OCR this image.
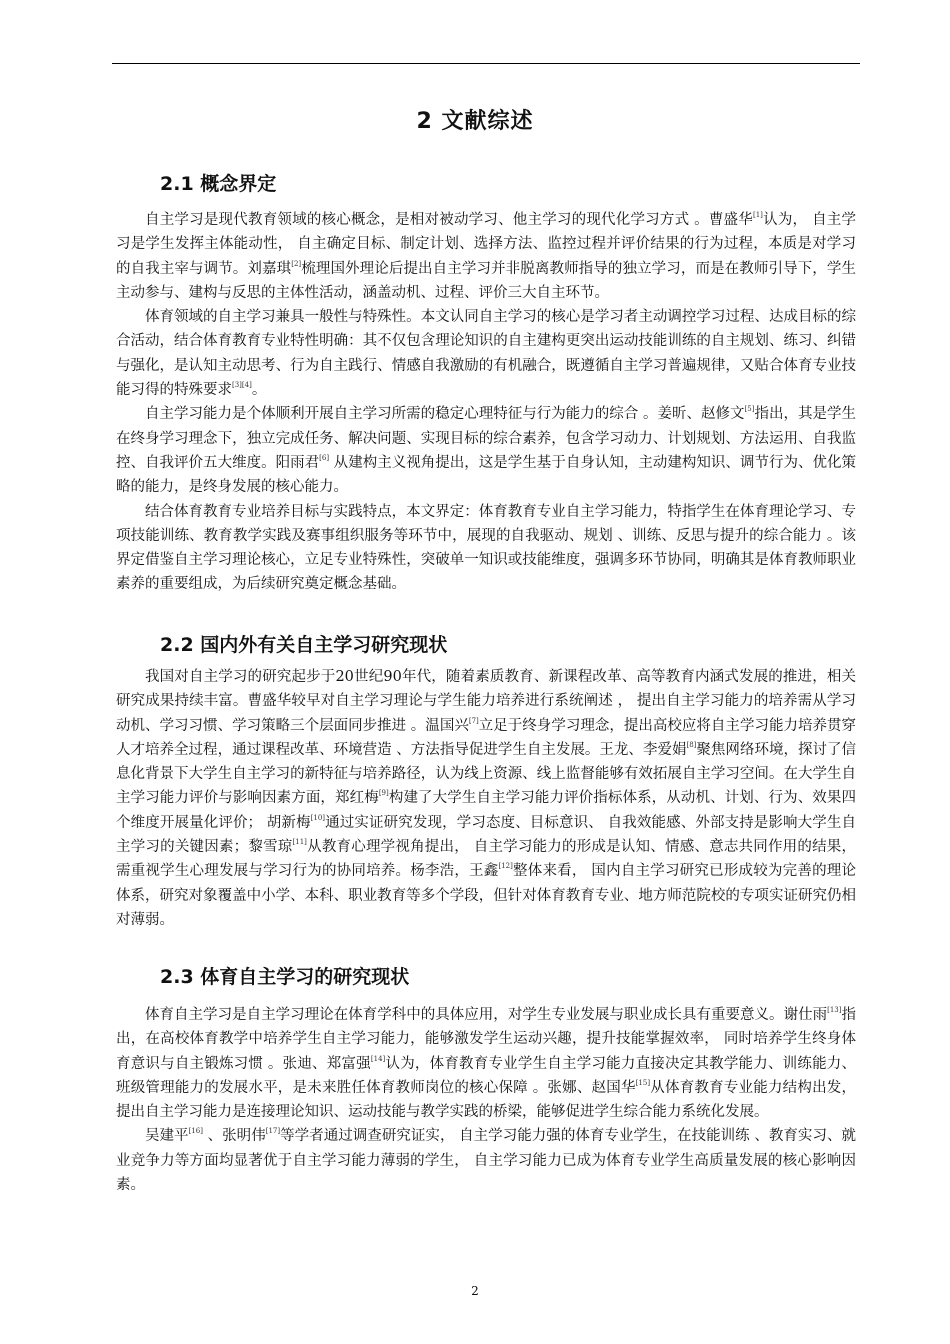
2 文献综述
2.1 概念界定

自主学习是现代教育领域的核心概念，是相对被动学习、他主学习的现代化学习方式 。曹盛华[1]认为， 自主学习是学生发挥主体能动性， 自主确定目标、制定计划、选择方法、监控过程并评价结果的行为过程，本质是对学习的自我主宰与调节。刘嘉琪[2]梳理国外理论后提出自主学习并非脱离教师指导的独立学习，而是在教师引导下，学生主动参与、建构与反思的主体性活动，涵盖动机、过程、评价三大自主环节。

体育领域的自主学习兼具一般性与特殊性。本文认同自主学习的核心是学习者主动调控学习过程、达成目标的综合活动，结合体育教育专业特性明确：其不仅包含理论知识的自主建构更突出运动技能训练的自主规划、练习、纠错与强化，是认知主动思考、行为自主践行、情感自我激励的有机融合，既遵循自主学习普遍规律，又贴合体育专业技能习得的特殊要求[3][4]。

自主学习能力是个体顺利开展自主学习所需的稳定心理特征与行为能力的综合 。姜昕、赵修文[5]指出，其是学生在终身学习理念下，独立完成任务、解决问题、实现目标的综合素养，包含学习动力、计划规划、方法运用、自我监控、自我评价五大维度。阳雨君[6] 从建构主义视角提出，这是学生基于自身认知，主动建构知识、调节行为、优化策略的能力，是终身发展的核心能力。

结合体育教育专业培养目标与实践特点，本文界定：体育教育专业自主学习能力，特指学生在体育理论学习、专项技能训练、教育教学实践及赛事组织服务等环节中，展现的自我驱动、规划 、训练、反思与提升的综合能力 。该界定借鉴自主学习理论核心，立足专业特殊性，突破单一知识或技能维度，强调多环节协同，明确其是体育教师职业素养的重要组成，为后续研究奠定概念基础。

2.2 国内外有关自主学习研究现状

我国对自主学习的研究起步于20世纪90年代，随着素质教育、新课程改革、高等教育内涵式发展的推进，相关研究成果持续丰富。曹盛华较早对自主学习理论与学生能力培养进行系统阐述 ， 提出自主学习能力的培养需从学习动机、学习习惯、学习策略三个层面同步推进 。温国兴[7]立足于终身学习理念，提出高校应将自主学习能力培养贯穿人才培养全过程，通过课程改革、环境营造 、方法指导促进学生自主发展。王龙、李爱娟[8]聚焦网络环境，探讨了信息化背景下大学生自主学习的新特征与培养路径，认为线上资源、线上监督能够有效拓展自主学习空间。在大学生自主学习能力评价与影响因素方面，郑红梅[9]构建了大学生自主学习能力评价指标体系，从动机、计划、行为、效果四个维度开展量化评价； 胡新梅[10]通过实证研究发现，学习态度、目标意识、 自我效能感、外部支持是影响大学生自主学习的关键因素；黎雪琼[11]从教育心理学视角提出， 自主学习能力的形成是认知、情感、意志共同作用的结果， 需重视学生心理发展与学习行为的协同培养。杨李浩，王鑫[12]整体来看， 国内自主学习研究已形成较为完善的理论体系，研究对象覆盖中小学、本科、职业教育等多个学段，但针对体育教育专业、地方师范院校的专项实证研究仍相对薄弱。

2.3 体育自主学习的研究现状

体育自主学习是自主学习理论在体育学科中的具体应用，对学生专业发展与职业成长具有重要意义。谢仕雨[13]指出，在高校体育教学中培养学生自主学习能力，能够激发学生运动兴趣，提升技能掌握效率， 同时培养学生终身体育意识与自主锻炼习惯 。张迪、郑富强[14]认为，体育教育专业学生自主学习能力直接决定其教学能力、训练能力、班级管理能力的发展水平，是未来胜任体育教师岗位的核心保障 。张娜、赵国华[15]从体育教育专业能力结构出发，提出自主学习能力是连接理论知识、运动技能与教学实践的桥梁，能够促进学生综合能力系统化发展。

吴建平[16] 、张明伟[17]等学者通过调查研究证实， 自主学习能力强的体育专业学生，在技能训练 、教育实习、就业竞争力等方面均显著优于自主学习能力薄弱的学生， 自主学习能力已成为体育专业学生高质量发展的核心影响因素。

2
